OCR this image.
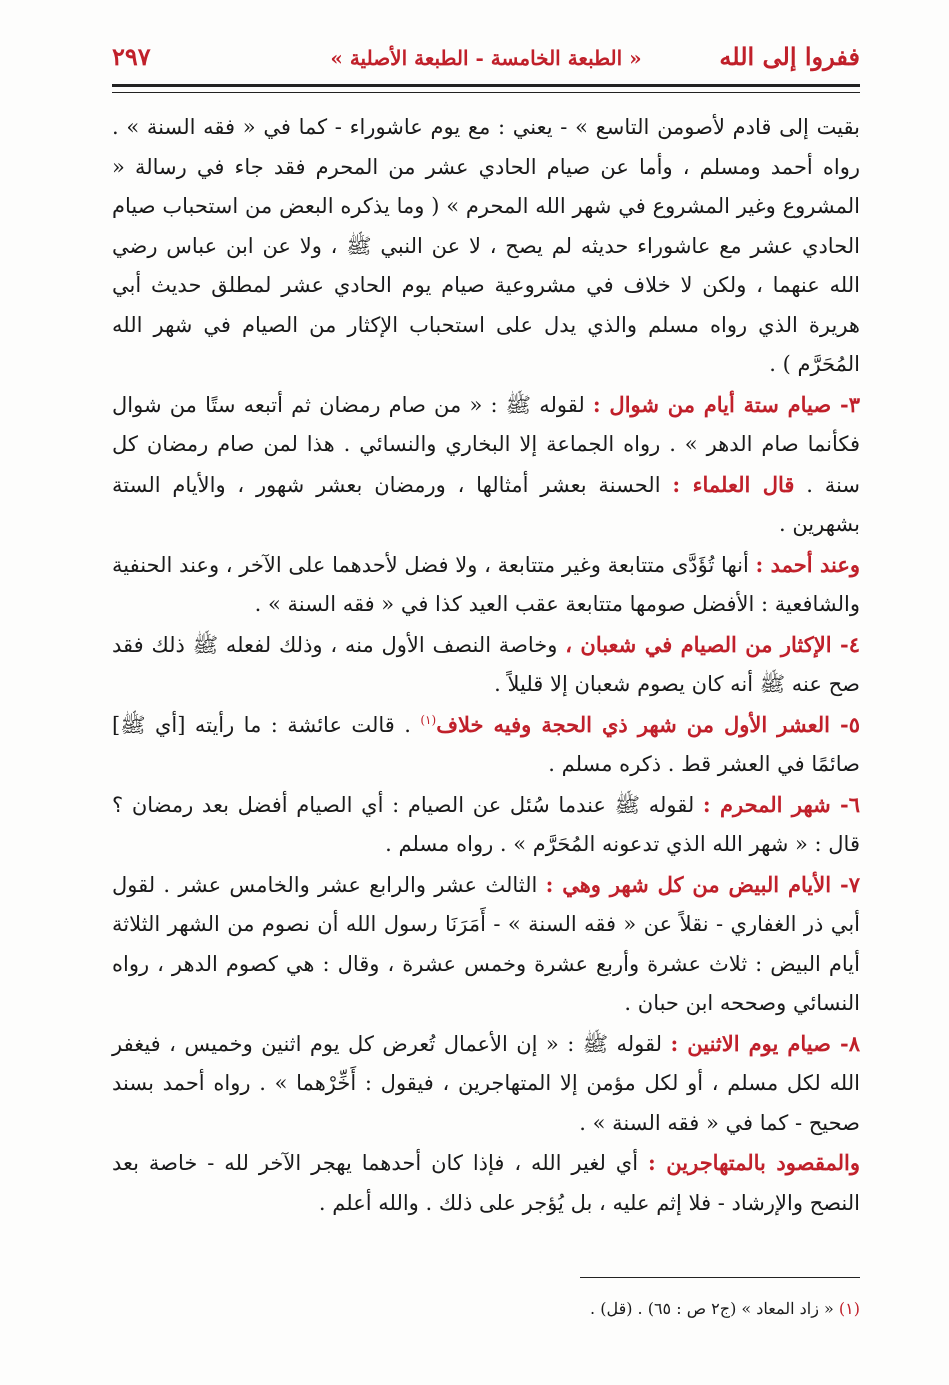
ففروا إلى الله
« الطبعة الخامسة - الطبعة الأصلية »
٢٩٧

بقيت إلى قادم لأصومن التاسع » - يعني : مع يوم عاشوراء - كما في « فقه السنة » . رواه أحمد ومسلم ، وأما عن صيام الحادي عشر من المحرم فقد جاء في رسالة « المشروع وغير المشروع في شهر الله المحرم » ( وما يذكره البعض من استحباب صيام الحادي عشر مع عاشوراء حديثه لم يصح ، لا عن النبي ﷺ ، ولا عن ابن عباس رضي الله عنهما ، ولكن لا خلاف في مشروعية صيام يوم الحادي عشر لمطلق حديث أبي هريرة الذي رواه مسلم والذي يدل على استحباب الإكثار من الصيام في شهر الله المُحَرَّم ) .

٣- صيام ستة أيام من شوال : لقوله ﷺ : « من صام رمضان ثم أتبعه ستًا من شوال فكأنما صام الدهر » . رواه الجماعة إلا البخاري والنسائي . هذا لمن صام رمضان كل سنة . قال العلماء : الحسنة بعشر أمثالها ، ورمضان بعشر شهور ، والأيام الستة بشهرين .

وعند أحمد : أنها تُؤَدَّى متتابعة وغير متتابعة ، ولا فضل لأحدهما على الآخر ، وعند الحنفية والشافعية : الأفضل صومها متتابعة عقب العيد كذا في « فقه السنة » .

٤- الإكثار من الصيام في شعبان ، وخاصة النصف الأول منه ، وذلك لفعله ﷺ ذلك فقد صح عنه ﷺ أنه كان يصوم شعبان إلا قليلاً .

٥- العشر الأول من شهر ذي الحجة وفيه خلاف$^{(١)}$ . قالت عائشة : ما رأيته [أي ﷺ] صائمًا في العشر قط . ذكره مسلم .

٦- شهر المحرم : لقوله ﷺ عندما سُئل عن الصيام : أي الصيام أفضل بعد رمضان ؟ قال : « شهر الله الذي تدعونه المُحَرَّم » . رواه مسلم .

٧- الأيام البيض من كل شهر وهي : الثالث عشر والرابع عشر والخامس عشر . لقول أبي ذر الغفاري - نقلاً عن « فقه السنة » - أَمَرَنَا رسول الله أن نصوم من الشهر الثلاثة أيام البيض : ثلاث عشرة وأربع عشرة وخمس عشرة ، وقال : هي كصوم الدهر ، رواه النسائي وصححه ابن حبان .

٨- صيام يوم الاثنين : لقوله ﷺ : « إن الأعمال تُعرض كل يوم اثنين وخميس ، فيغفر الله لكل مسلم ، أو لكل مؤمن إلا المتهاجرين ، فيقول : أَخِّرْهما » . رواه أحمد بسند صحيح - كما في « فقه السنة » .

والمقصود بالمتهاجرين : أي لغير الله ، فإذا كان أحدهما يهجر الآخر لله - خاصة بعد النصح والإرشاد - فلا إثم عليه ، بل يُؤجر على ذلك . والله أعلم .

(١) « زاد المعاد » (ج٢ ص : ٦٥) . (قل) .
